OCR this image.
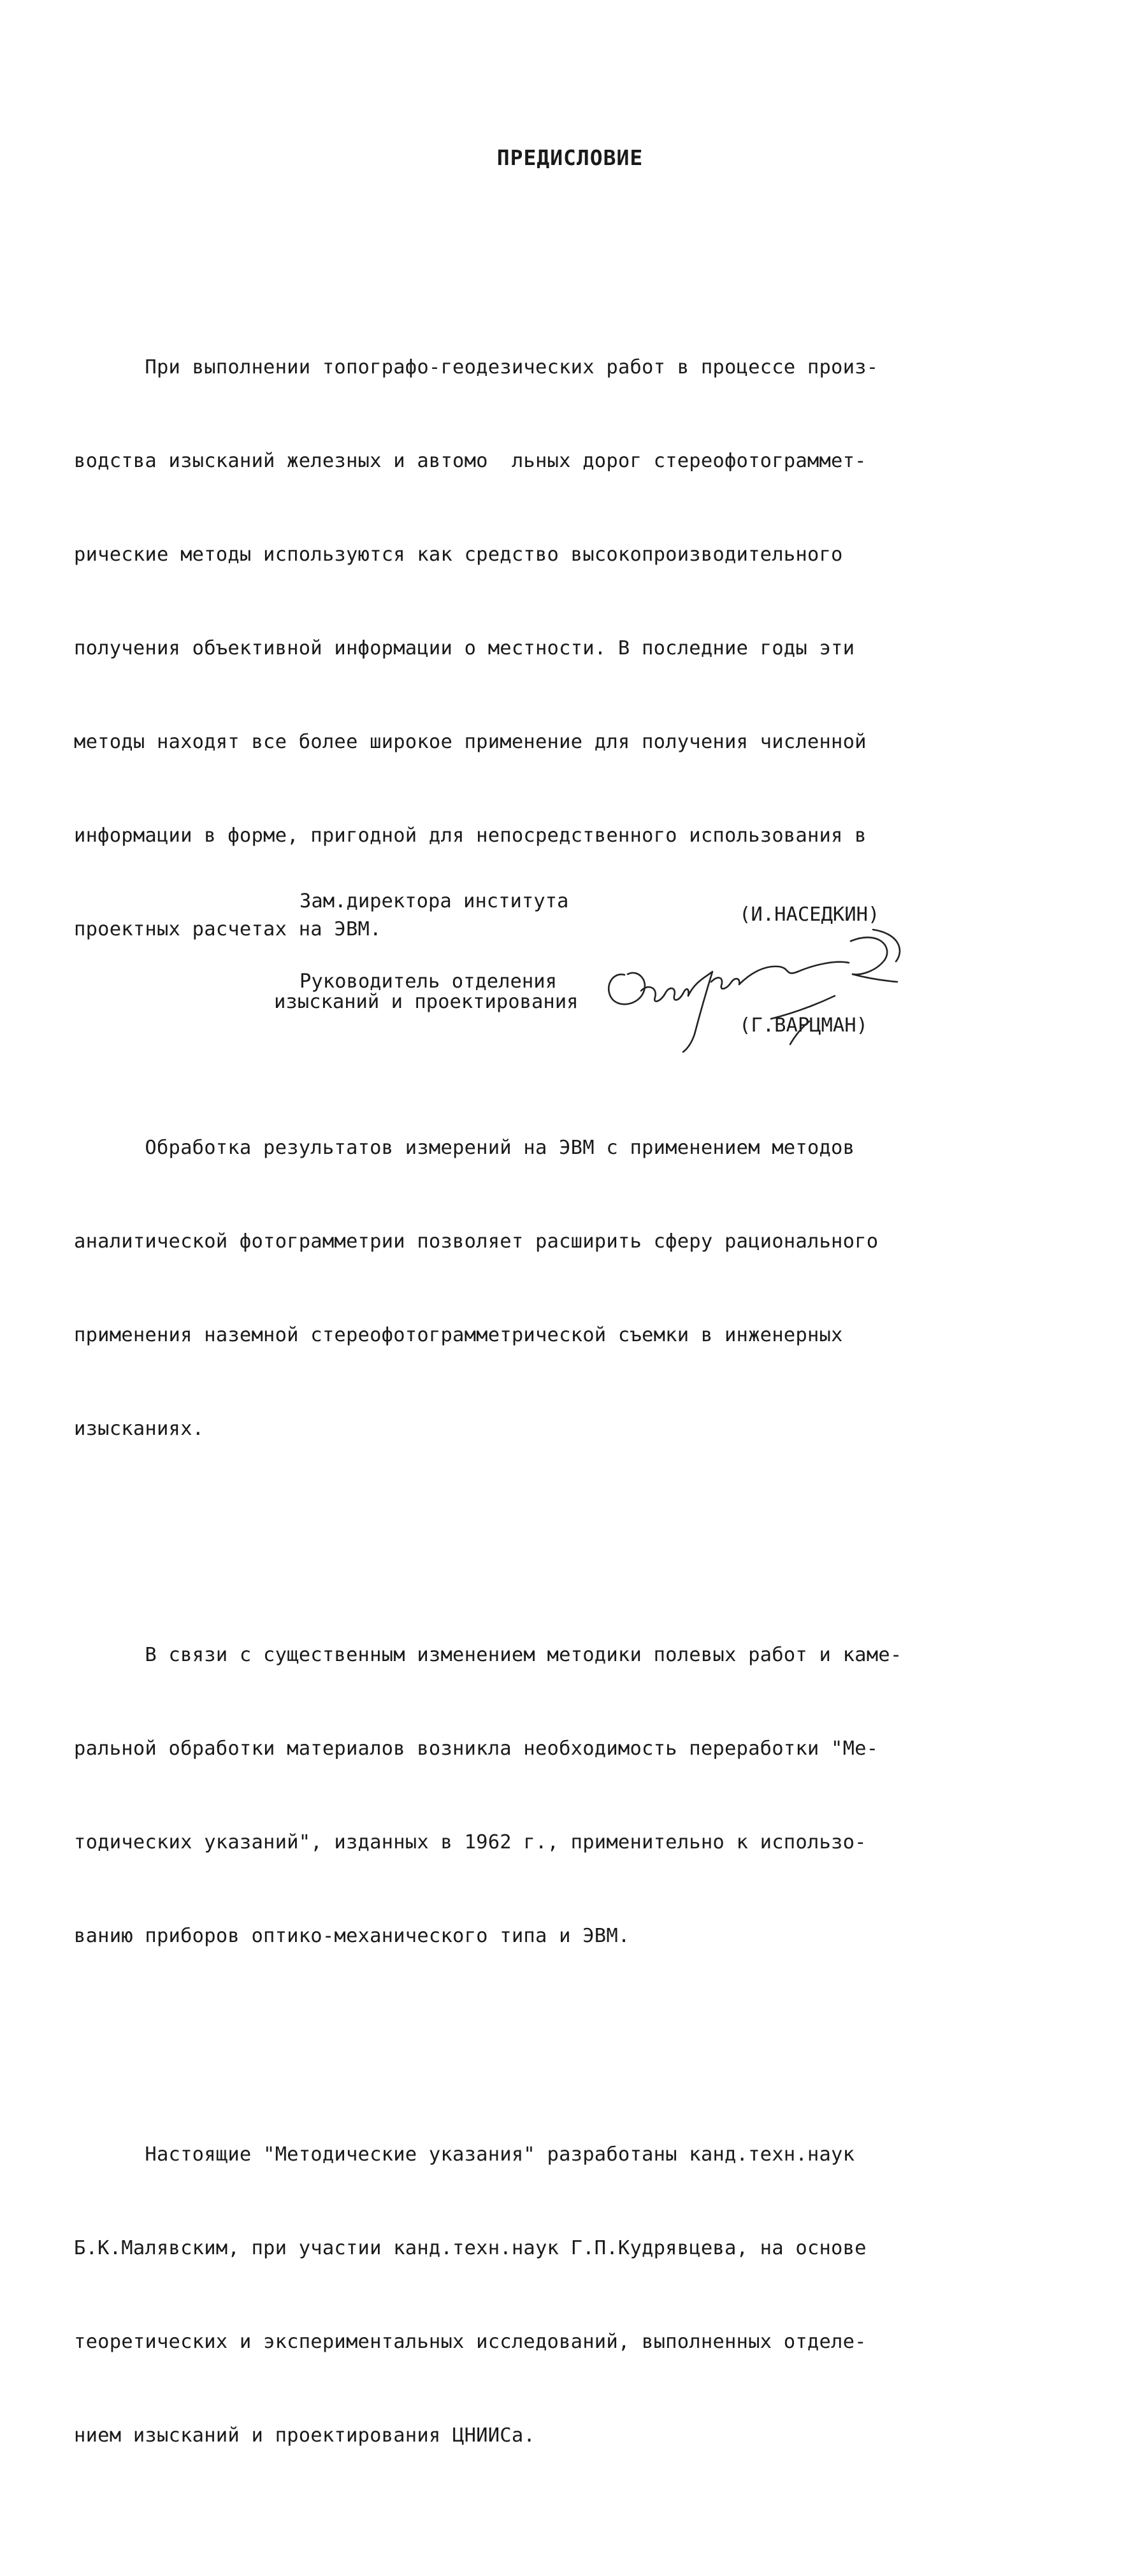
ПРЕДИСЛОВИЕ

При выполнении топографо-геодезических работ в процессе произ-

водства изысканий железных и автомо  льных дорог стереофотограммет-

рические методы используются как средство высокопроизводительного

получения объективной информации о местности. В последние годы эти

методы находят все более широкое применение для получения численной

информации в форме, пригодной для непосредственного использования в

проектных расчетах на ЭВМ.

Обработка результатов измерений на ЭВМ с применением методов

аналитической фотограмметрии позволяет расширить сферу рационального

применения наземной стереофотограмметрической съемки в инженерных

изысканиях.

В связи с существенным изменением методики полевых работ и каме-

ральной обработки материалов возникла необходимость переработки "Ме-

тодических указаний", изданных в 1962 г., применительно к использо-

ванию приборов оптико-механического типа и ЭВМ.

Настоящие "Методические указания" разработаны канд.техн.наук

Б.К.Малявским, при участии канд.техн.наук Г.П.Кудрявцева, на основе

теоретических и экспериментальных исследований, выполненных отделе-

нием изысканий и проектирования ЦНИИСа.

Зам.директора института
(И.НАСЕДКИН)
Руководитель отделения
изысканий и проектирования
(Г.ВАРЦМАН)
